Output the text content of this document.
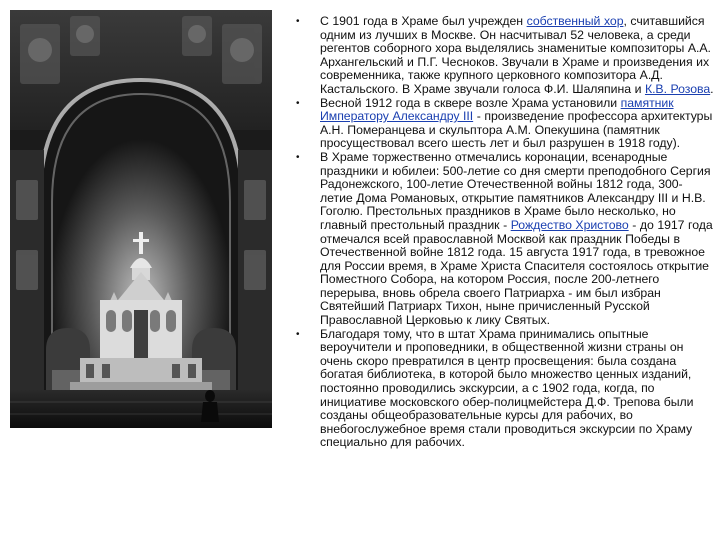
• С 1901 года в Храме был учрежден собственный хор, считавшийся одним из лучших в Москве. Он насчитывал 52 человека, а среди регентов соборного хора выделялись знаменитые композиторы А.А. Архангельский и П.Г. Чесноков. Звучали в Храме и произведения их современника, также крупного церковного композитора А.Д. Кастальского. В Храме звучали голоса Ф.И. Шаляпина и К.В. Розова.
• Весной 1912 года в сквере возле Храма установили памятник Императору Александру III - произведение профессора архитектуры А.Н. Померанцева и скульптора А.М. Опекушина (памятник просуществовал всего шесть лет и был разрушен в 1918 году).
• В Храме торжественно отмечались коронации, всенародные праздники и юбилеи: 500-летие со дня смерти преподобного Сергия Радонежского, 100-летие Отечественной войны 1812 года, 300-летие Дома Романовых, открытие памятников Александру III и Н.В. Гоголю. Престольных праздников в Храме было несколько, но главный престольный праздник - Рождество Христово - до 1917 года отмечался всей православной Москвой как праздник Победы в Отечественной войне 1812 года. 15 августа 1917 года, в тревожное для России время, в Храме Христа Спасителя состоялось открытие Поместного Собора, на котором Россия, после 200-летнего перерыва, вновь обрела своего Патриарха - им был избран Святейший Патриарх Тихон, ныне причисленный Русской Православной Церковью к лику Святых.
• Благодаря тому, что в штат Храма принимались опытные вероучители и проповедники, в общественной жизни страны он очень скоро превратился в центр просвещения: была создана богатая библиотека, в которой было множество ценных изданий, постоянно проводились экскурсии, а с 1902 года, когда, по инициативе московского обер-полицмейстера Д.Ф. Трепова были созданы общеобразовательные курсы для рабочих, во внебогослужебное время стали проводиться экскурсии по Храму специально для рабочих.
